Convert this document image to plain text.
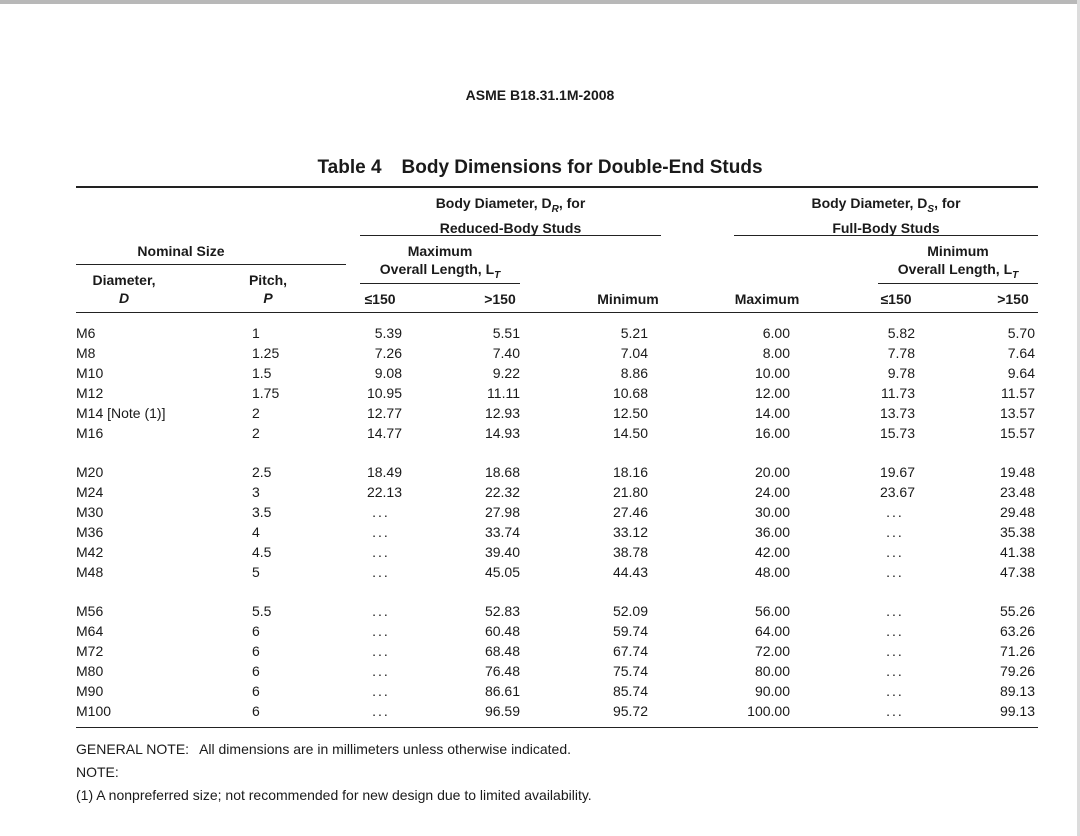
ASME B18.31.1M-2008
Table 4 Body Dimensions for Double-End Studs
Body Diameter, $D_R$, for
Reduced-Body Studs
Body Diameter, $D_S$, for
Full-Body Studs
Nominal Size	Maximum
Overall Length, $L_T$
Minimum
Overall Length, $L_T$
Diameter,
D
Pitch,
P	≤150	>150	Minimum	Maximum	≤150	>150
M6	1	5.39	5.51	5.21	6.00	5.82	5.70
M8	1.25	7.26	7.40	7.04	8.00	7.78	7.64
M10	1.5	9.08	9.22	8.86	10.00	9.78	9.64
M12	1.75	10.95	11.11	10.68	12.00	11.73	11.57
M14 [Note (1)]	2	12.77	12.93	12.50	14.00	13.73	13.57
M16	2	14.77	14.93	14.50	16.00	15.73	15.57
M20	2.5	18.49	18.68	18.16	20.00	19.67	19.48
M24	3	22.13	22.32	21.80	24.00	23.67	23.48
M30	3.5	...	27.98	27.46	30.00	...	29.48
M36	4	...	33.74	33.12	36.00	...	35.38
M42	4.5	...	39.40	38.78	42.00	...	41.38
M48	5	...	45.05	44.43	48.00	...	47.38
M56	5.5	...	52.83	52.09	56.00	...	55.26
M64	6	...	60.48	59.74	64.00	...	63.26
M72	6	...	68.48	67.74	72.00	...	71.26
M80	6	...	76.48	75.74	80.00	...	79.26
M90	6	...	86.61	85.74	90.00	...	89.13
M100	6	...	96.59	95.72	100.00	...	99.13
GENERAL NOTE: All dimensions are in millimeters unless otherwise indicated.
NOTE:
(1) A nonpreferred size; not recommended for new design due to limited availability.
